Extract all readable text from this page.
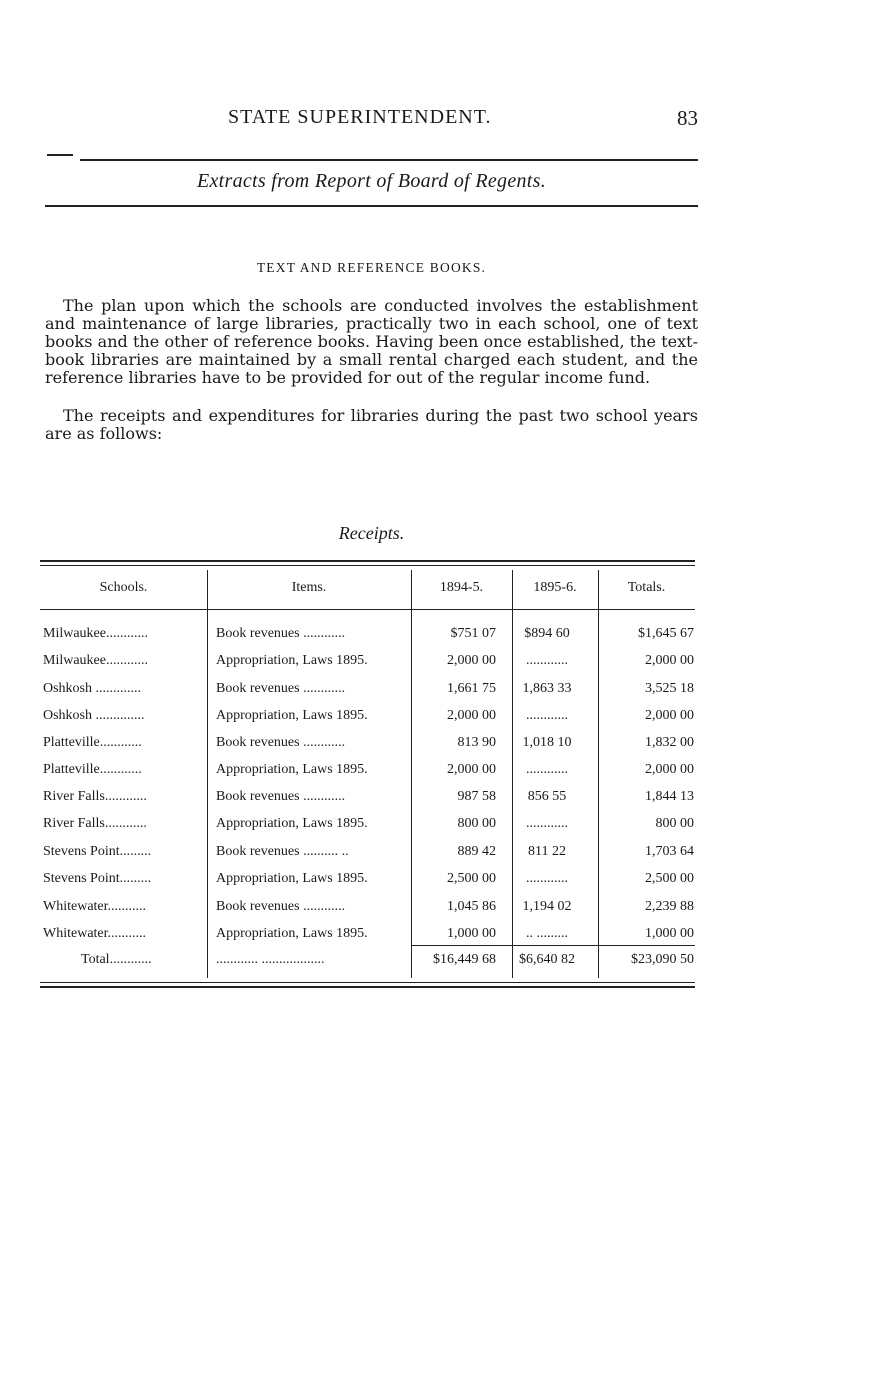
STATE SUPERINTENDENT.	83
Extracts from Report of Board of Regents.
TEXT AND REFERENCE BOOKS.

The plan upon which the schools are conducted involves the establishment and maintenance of large libraries, practically two in each school, one of text books and the other of reference books. Having been once established, the text-book libraries are maintained by a small rental charged each student, and the reference libraries have to be provided for out of the regular income fund.

The receipts and expenditures for libraries during the past two school years are as follows:

Receipts.
Schools.	Items.	1894-5.	1895-6.	Totals.
Milwaukee............	Book revenues ............	$751 07	$894 60	$1,645 67
Milwaukee............	Appropriation, Laws 1895.	2,000 00	............	2,000 00
Oshkosh .............	Book revenues ............	1,661 75	1,863 33	3,525 18
Oshkosh ..............	Appropriation, Laws 1895.	2,000 00	............	2,000 00
Platteville............	Book revenues ............	813 90	1,018 10	1,832 00
Platteville............	Appropriation, Laws 1895.	2,000 00	............	2,000 00
River Falls............	Book revenues ............	987 58	856 55	1,844 13
River Falls............	Appropriation, Laws 1895.	800 00	............	800 00
Stevens Point.........	Book revenues .......... ..	889 42	811 22	1,703 64
Stevens Point.........	Appropriation, Laws 1895.	2,500 00	............	2,500 00
Whitewater...........	Book revenues ............	1,045 86	1,194 02	2,239 88
Whitewater...........	Appropriation, Laws 1895.	1,000 00	.. .........	1,000 00
Total............	............ ..................	$16,449 68	$6,640 82	$23,090 50
